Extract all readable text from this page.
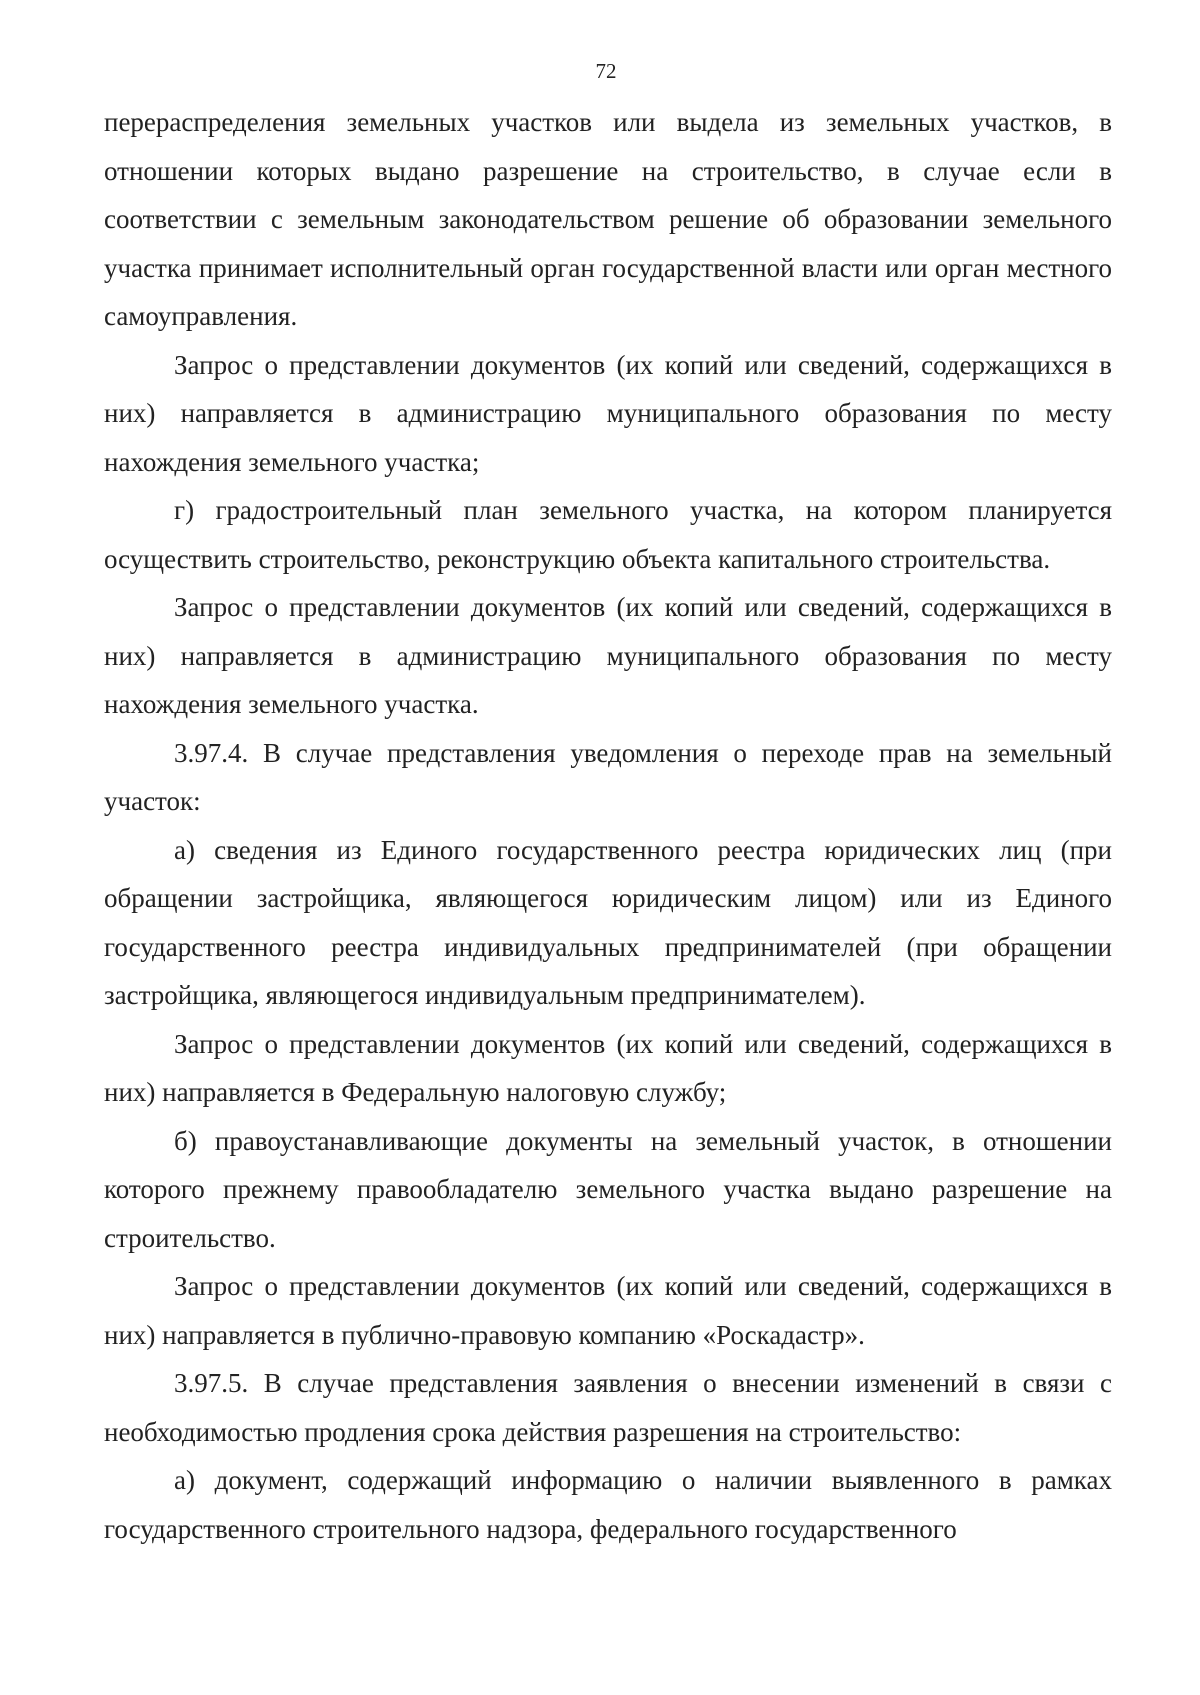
72

перераспределения земельных участков или выдела из земельных участков, в отношении которых выдано разрешение на строительство, в случае если в соответствии с земельным законодательством решение об образовании земельного участка принимает исполнительный орган государственной власти или орган местного самоуправления.

Запрос о представлении документов (их копий или сведений, содержащихся в них) направляется в администрацию муниципального образования по месту нахождения земельного участка;

г) градостроительный план земельного участка, на котором планируется осуществить строительство, реконструкцию объекта капитального строительства.

Запрос о представлении документов (их копий или сведений, содержащихся в них) направляется в администрацию муниципального образования по месту нахождения земельного участка.

3.97.4. В случае представления уведомления о переходе прав на земельный участок:

а) сведения из Единого государственного реестра юридических лиц (при обращении застройщика, являющегося юридическим лицом) или из Единого государственного реестра индивидуальных предпринимателей (при обращении застройщика, являющегося индивидуальным предпринимателем).

Запрос о представлении документов (их копий или сведений, содержащихся в них) направляется в Федеральную налоговую службу;

б) правоустанавливающие документы на земельный участок, в отношении которого прежнему правообладателю земельного участка выдано разрешение на строительство.

Запрос о представлении документов (их копий или сведений, содержащихся в них) направляется в публично-правовую компанию «Роскадастр».

3.97.5. В случае представления заявления о внесении изменений в связи с необходимостью продления срока действия разрешения на строительство:

а) документ, содержащий информацию о наличии выявленного в рамках государственного строительного надзора, федерального государственного
